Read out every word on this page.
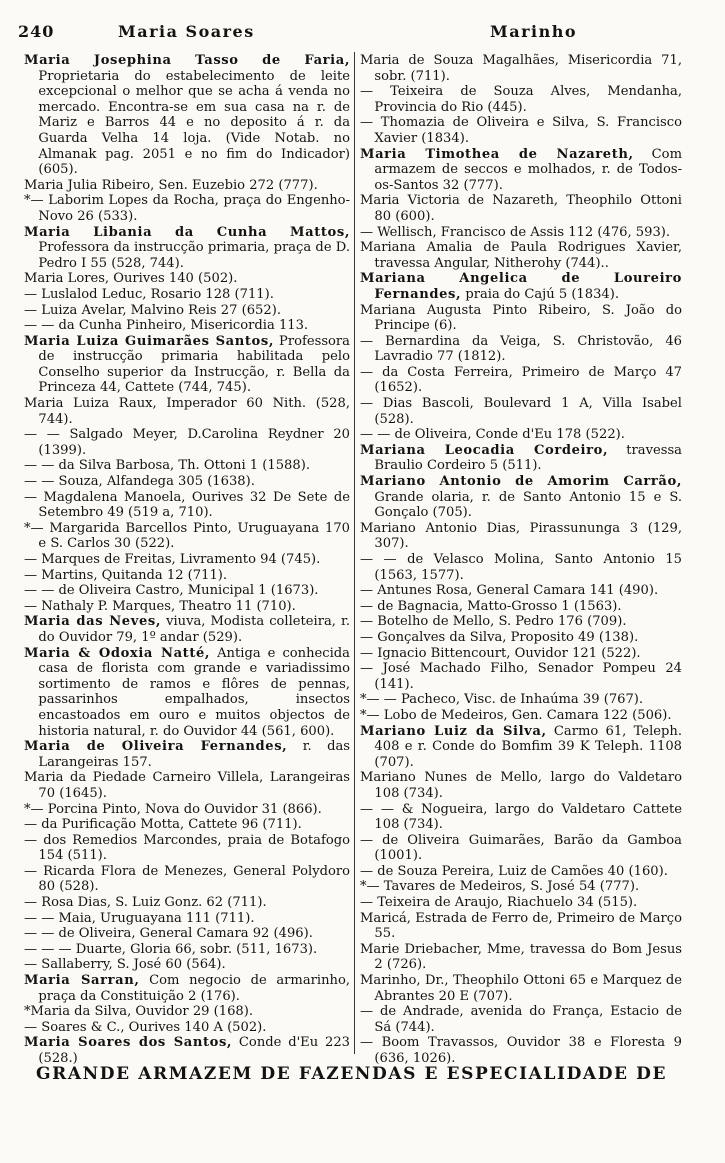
240	Maria Soares	Marinho

Maria Josephina Tasso de Faria, Proprietaria do estabelecimento de leite excepcional o melhor que se acha á venda no mercado. Encontra-se em sua casa na r. de Mariz e Barros 44 e no deposito á r. da Guarda Velha 14 loja. (Vide Notab. no Almanak pag. 2051 e no fim do Indicador) (605).

Maria Julia Ribeiro, Sen. Euzebio 272 (777).

*— Laborim Lopes da Rocha, praça do Engenho-Novo 26 (533).

Maria Libania da Cunha Mattos, Professora da instrucção primaria, praça de D. Pedro I 55 (528, 744).

Maria Lores, Ourives 140 (502).

— Luslalod Leduc, Rosario 128 (711).

— Luiza Avelar, Malvino Reis 27 (652).

— — da Cunha Pinheiro, Misericordia 113.

Maria Luiza Guimarães Santos, Professora de instrucção primaria habilitada pelo Conselho superior da Instrucção, r. Bella da Princeza 44, Cattete (744, 745).

Maria Luiza Raux, Imperador 60 Nith. (528, 744).

— — Salgado Meyer, D.Carolina Reydner 20 (1399).

— — da Silva Barbosa, Th. Ottoni 1 (1588).

— — Souza, Alfandega 305 (1638).

— Magdalena Manoela, Ourives 32 De Sete de Setembro 49 (519 a, 710).

*— Margarida Barcellos Pinto, Uruguayana 170 e S. Carlos 30 (522).

— Marques de Freitas, Livramento 94 (745).

— Martins, Quitanda 12 (711).

— — de Oliveira Castro, Municipal 1 (1673).

— Nathaly P. Marques, Theatro 11 (710).

Maria das Neves, viuva, Modista colleteira, r. do Ouvidor 79, 1º andar (529).

Maria & Odoxia Natté, Antiga e conhecida casa de florista com grande e variadissimo sortimento de ramos e flôres de pennas, passarinhos empalhados, insectos encastoados em ouro e muitos objectos de historia natural, r. do Ouvidor 44 (561, 600).

Maria de Oliveira Fernandes, r. das Larangeiras 157.

Maria da Piedade Carneiro Villela, Larangeiras 70 (1645).

*— Porcina Pinto, Nova do Ouvidor 31 (866).

— da Purificação Motta, Cattete 96 (711).

— dos Remedios Marcondes, praia de Botafogo 154 (511).

— Ricarda Flora de Menezes, General Polydoro 80 (528).

— Rosa Dias, S. Luiz Gonz. 62 (711).

— — Maia, Uruguayana 111 (711).

— — de Oliveira, General Camara 92 (496).

— — — Duarte, Gloria 66, sobr. (511, 1673).

— Sallaberry, S. José 60 (564).

Maria Sarran, Com negocio de armarinho, praça da Constituição 2 (176).

*Maria da Silva, Ouvidor 29 (168).

— Soares & C., Ourives 140 A (502).

Maria Soares dos Santos, Conde d'Eu 223 (528.)

Maria de Souza Magalhães, Misericordia 71, sobr. (711).

— Teixeira de Souza Alves, Mendanha, Provincia do Rio (445).

— Thomazia de Oliveira e Silva, S. Francisco Xavier (1834).

Maria Timothea de Nazareth, Com armazem de seccos e molhados, r. de Todos-os-Santos 32 (777).

Maria Victoria de Nazareth, Theophilo Ottoni 80 (600).

— Wellisch, Francisco de Assis 112 (476, 593).

Mariana Amalia de Paula Rodrigues Xavier, travessa Angular, Nitherohy (744)..

Mariana Angelica de Loureiro Fernandes, praia do Cajú 5 (1834).

Mariana Augusta Pinto Ribeiro, S. João do Principe (6).

— Bernardina da Veiga, S. Christovão, 46 Lavradio 77 (1812).

— da Costa Ferreira, Primeiro de Março 47 (1652).

— Dias Bascoli, Boulevard 1 A, Villa Isabel (528).

— — de Oliveira, Conde d'Eu 178 (522).

Mariana Leocadia Cordeiro, travessa Braulio Cordeiro 5 (511).

Mariano Antonio de Amorim Carrão, Grande olaria, r. de Santo Antonio 15 e S. Gonçalo (705).

Mariano Antonio Dias, Pirassununga 3 (129, 307).

— — de Velasco Molina, Santo Antonio 15 (1563, 1577).

— Antunes Rosa, General Camara 141 (490).

— de Bagnacia, Matto-Grosso 1 (1563).

— Botelho de Mello, S. Pedro 176 (709).

— Gonçalves da Silva, Proposito 49 (138).

— Ignacio Bittencourt, Ouvidor 121 (522).

— José Machado Filho, Senador Pompeu 24 (141).

*— — Pacheco, Visc. de Inhaúma 39 (767).

*— Lobo de Medeiros, Gen. Camara 122 (506).

Mariano Luiz da Silva, Carmo 61, Teleph. 408 e r. Conde do Bomfim 39 K Teleph. 1108 (707).

Mariano Nunes de Mello, largo do Valdetaro 108 (734).

— — & Nogueira, largo do Valdetaro Cattete 108 (734).

— de Oliveira Guimarães, Barão da Gamboa (1001).

— de Souza Pereira, Luiz de Camões 40 (160).

*— Tavares de Medeiros, S. José 54 (777).

— Teixeira de Araujo, Riachuelo 34 (515).

Maricá, Estrada de Ferro de, Primeiro de Março 55.

Marie Driebacher, Mme, travessa do Bom Jesus 2 (726).

Marinho, Dr., Theophilo Ottoni 65 e Marquez de Abrantes 20 E (707).

— de Andrade, avenida do França, Estacio de Sá (744).

— Boom Travassos, Ouvidor 38 e Floresta 9 (636, 1026).

GRANDE ARMAZEM DE FAZENDAS E ESPECIALIDADE DE
